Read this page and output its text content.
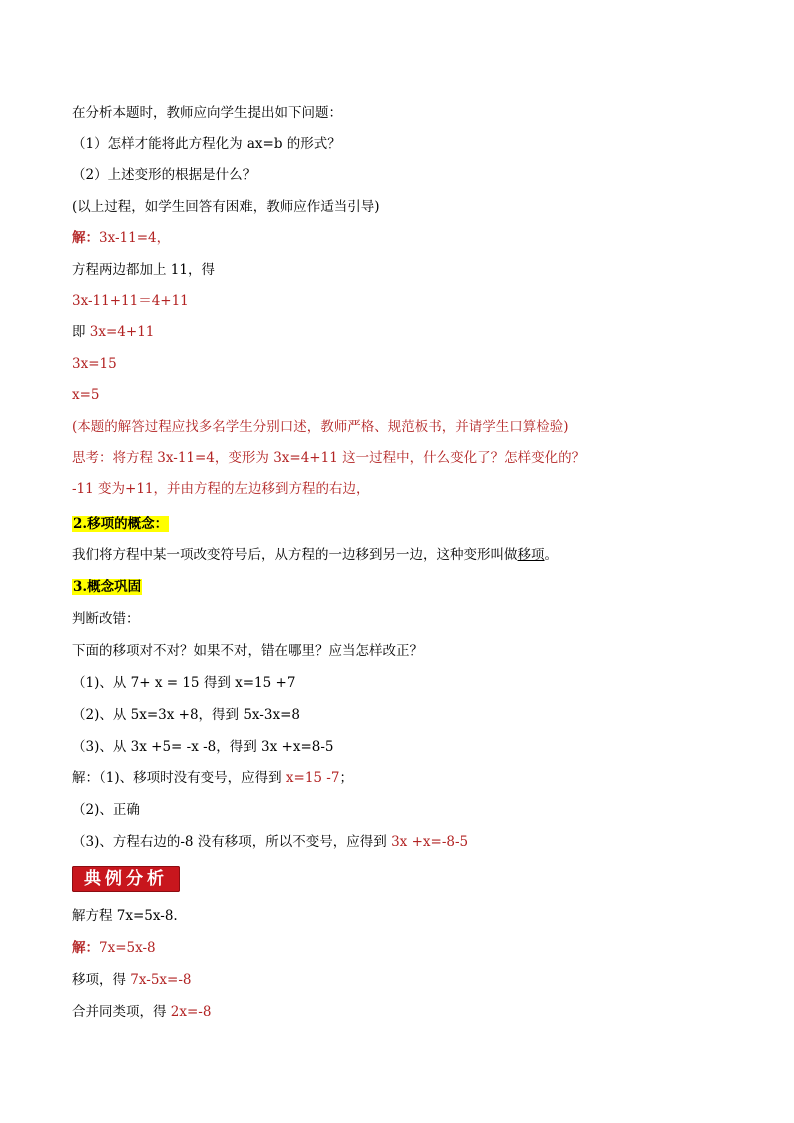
在分析本题时，教师应向学生提出如下问题：
（1）怎样才能将此方程化为 ax=b 的形式？
（2）上述变形的根据是什么？
(以上过程，如学生回答有困难，教师应作适当引导)
解：3x-11=4，
方程两边都加上 11，得
3x-11+11＝4+11
即 3x=4+11
3x=15
x=5
(本题的解答过程应找多名学生分别口述，教师严格、规范板书，并请学生口算检验)
思考：将方程 3x-11=4，变形为 3x=4+11 这一过程中，什么变化了？怎样变化的？
-11 变为+11，并由方程的左边移到方程的右边，
2.移项的概念：
我们将方程中某一项改变符号后，从方程的一边移到另一边，这种变形叫做移项。
3.概念巩固
判断改错：
下面的移项对不对？如果不对，错在哪里？应当怎样改正？
（1)、从 7+ x = 15 得到 x=15 +7
（2)、从 5x=3x +8，得到 5x-3x=8
（3)、从 3x +5= -x -8，得到 3x +x=8-5
解：（1)、移项时没有变号，应得到 x=15 -7；
（2)、正确
（3)、方程右边的-8 没有移项，所以不变号，应得到 3x +x=-8-5
典例分析
解方程 7x=5x-8.
解：7x=5x-8
移项，得 7x-5x=-8
合并同类项，得 2x=-8
